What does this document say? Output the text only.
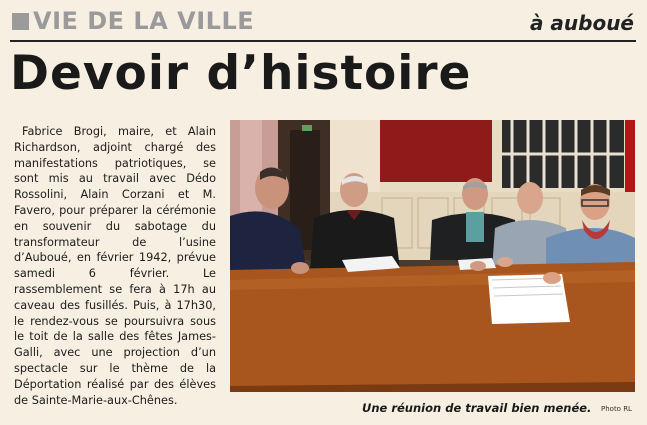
VIE DE LA VILLE	à auboué
Devoir d’histoire

Fabrice Brogi, maire, et Alain Richardson, adjoint chargé des manifestations patriotiques, se sont mis au travail avec Dédo Rossolini, Alain Corzani et M. Favero, pour préparer la cérémonie en souvenir du sabotage du transformateur de l’usine d’Auboué, en février 1942, prévue samedi 6 février. Le rassemblement se fera à 17h au caveau des fusillés. Puis, à 17h30, le rendez-vous se poursuivra sous le toit de la salle des fêtes James-Galli, avec une projection d’un spectacle sur le thème de la Déportation réalisé par des élèves de Sainte-Marie-aux-Chênes.

Une réunion de travail bien menée. Photo RL
